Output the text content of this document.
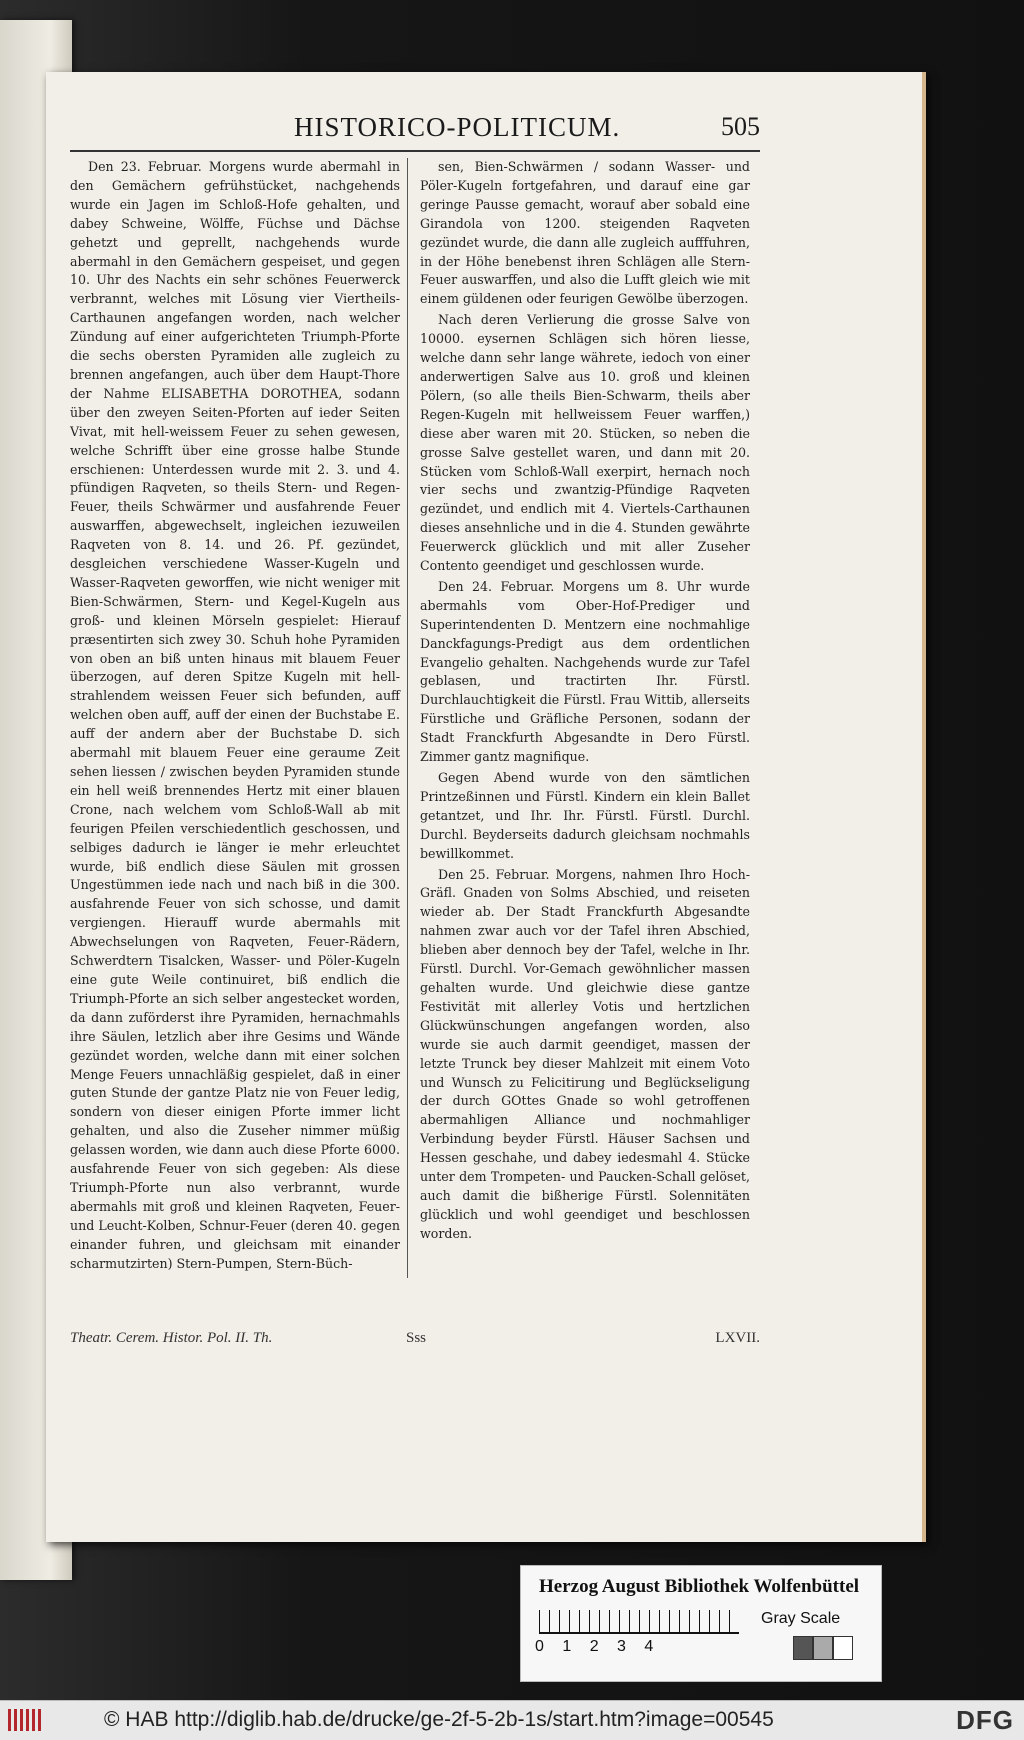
HISTORICO-POLITICUM.	505

Den 23. Februar. Morgens wurde abermahl in den Gemächern gefrühstücket, nachgehends wurde ein Jagen im Schloß-Hofe gehalten, und dabey Schweine, Wölffe, Füchse und Dächse gehetzt und geprellt, nachgehends wurde abermahl in den Gemächern gespeiset, und gegen 10. Uhr des Nachts ein sehr schönes Feuerwerck verbrannt, welches mit Lösung vier Viertheils-Carthaunen angefangen worden, nach welcher Zündung auf einer aufgerichteten Triumph-Pforte die sechs obersten Pyramiden alle zugleich zu brennen angefangen, auch über dem Haupt-Thore der Nahme ELISABETHA DOROTHEA, sodann über den zweyen Seiten-Pforten auf ieder Seiten Vivat, mit hell-weissem Feuer zu sehen gewesen, welche Schrifft über eine grosse halbe Stunde erschienen: Unterdessen wurde mit 2. 3. und 4. pfündigen Raqveten, so theils Stern- und Regen-Feuer, theils Schwärmer und ausfahrende Feuer auswarffen, abgewechselt, ingleichen iezuweilen Raqveten von 8. 14. und 26. Pf. gezündet, desgleichen verschiedene Wasser-Kugeln und Wasser-Raqveten geworffen, wie nicht weniger mit Bien-Schwärmen, Stern- und Kegel-Kugeln aus groß- und kleinen Mörseln gespielet: Hierauf præsentirten sich zwey 30. Schuh hohe Pyramiden von oben an biß unten hinaus mit blauem Feuer überzogen, auf deren Spitze Kugeln mit hell-strahlendem weissen Feuer sich befunden, auff welchen oben auff, auff der einen der Buchstabe E. auff der andern aber der Buchstabe D. sich abermahl mit blauem Feuer eine geraume Zeit sehen liessen / zwischen beyden Pyramiden stunde ein hell weiß brennendes Hertz mit einer blauen Crone, nach welchem vom Schloß-Wall ab mit feurigen Pfeilen verschiedentlich geschossen, und selbiges dadurch ie länger ie mehr erleuchtet wurde, biß endlich diese Säulen mit grossen Ungestümmen iede nach und nach biß in die 300. ausfahrende Feuer von sich schosse, und damit vergiengen. Hierauff wurde abermahls mit Abwechselungen von Raqveten, Feuer-Rädern, Schwerdtern Tisalcken, Wasser- und Pöler-Kugeln eine gute Weile continuiret, biß endlich die Triumph-Pforte an sich selber angestecket worden, da dann zuförderst ihre Pyramiden, hernachmahls ihre Säulen, letzlich aber ihre Gesims und Wände gezündet worden, welche dann mit einer solchen Menge Feuers unnachläßig gespielet, daß in einer guten Stunde der gantze Platz nie von Feuer ledig, sondern von dieser einigen Pforte immer licht gehalten, und also die Zuseher nimmer müßig gelassen worden, wie dann auch diese Pforte 6000. ausfahrende Feuer von sich gegeben: Als diese Triumph-Pforte nun also verbrannt, wurde abermahls mit groß und kleinen Raqveten, Feuer- und Leucht-Kolben, Schnur-Feuer (deren 40. gegen einander fuhren, und gleichsam mit einander scharmutzirten) Stern-Pumpen, Stern-Büch-

sen, Bien-Schwärmen / sodann Wasser- und Pöler-Kugeln fortgefahren, und darauf eine gar geringe Pausse gemacht, worauf aber sobald eine Girandola von 1200. steigenden Raqveten gezündet wurde, die dann alle zugleich aufffuhren, in der Höhe benebenst ihren Schlägen alle Stern-Feuer auswarffen, und also die Lufft gleich wie mit einem güldenen oder feurigen Gewölbe überzogen.

Nach deren Verlierung die grosse Salve von 10000. eysernen Schlägen sich hören liesse, welche dann sehr lange währete, iedoch von einer anderwertigen Salve aus 10. groß und kleinen Pölern, (so alle theils Bien-Schwarm, theils aber Regen-Kugeln mit hellweissem Feuer warffen,) diese aber waren mit 20. Stücken, so neben die grosse Salve gestellet waren, und dann mit 20. Stücken vom Schloß-Wall exerpirt, hernach noch vier sechs und zwantzig-Pfündige Raqveten gezündet, und endlich mit 4. Viertels-Carthaunen dieses ansehnliche und in die 4. Stunden gewährte Feuerwerck glücklich und mit aller Zuseher Contento geendiget und geschlossen wurde.

Den 24. Februar. Morgens um 8. Uhr wurde abermahls vom Ober-Hof-Prediger und Superintendenten D. Mentzern eine nochmahlige Danckfagungs-Predigt aus dem ordentlichen Evangelio gehalten. Nachgehends wurde zur Tafel geblasen, und tractirten Ihr. Fürstl. Durchlauchtigkeit die Fürstl. Frau Wittib, allerseits Fürstliche und Gräfliche Personen, sodann der Stadt Franckfurth Abgesandte in Dero Fürstl. Zimmer gantz magnifique.

Gegen Abend wurde von den sämtlichen Printzeßinnen und Fürstl. Kindern ein klein Ballet getantzet, und Ihr. Ihr. Fürstl. Fürstl. Durchl. Durchl. Beyderseits dadurch gleichsam nochmahls bewillkommet.

Den 25. Februar. Morgens, nahmen Ihro Hoch-Gräfl. Gnaden von Solms Abschied, und reiseten wieder ab. Der Stadt Franckfurth Abgesandte nahmen zwar auch vor der Tafel ihren Abschied, blieben aber dennoch bey der Tafel, welche in Ihr. Fürstl. Durchl. Vor-Gemach gewöhnlicher massen gehalten wurde. Und gleichwie diese gantze Festivität mit allerley Votis und hertzlichen Glückwünschungen angefangen worden, also wurde sie auch darmit geendiget, massen der letzte Trunck bey dieser Mahlzeit mit einem Voto und Wunsch zu Felicitirung und Beglückseligung der durch GOttes Gnade so wohl getroffenen abermahligen Alliance und nochmahliger Verbindung beyder Fürstl. Häuser Sachsen und Hessen geschahe, und dabey iedesmahl 4. Stücke unter dem Trompeten- und Paucken-Schall gelöset, auch damit die bißherige Fürstl. Solennitäten glücklich und wohl geendiget und beschlossen worden.

Theatr. Cerem. Histor. Pol. II. Th.	Sss	LXVII.
Herzog August Bibliothek Wolfenbüttel
0 1 2 3 4
Gray Scale
© HAB http://diglib.hab.de/drucke/ge-2f-5-2b-1s/start.htm?image=00545	DFG
